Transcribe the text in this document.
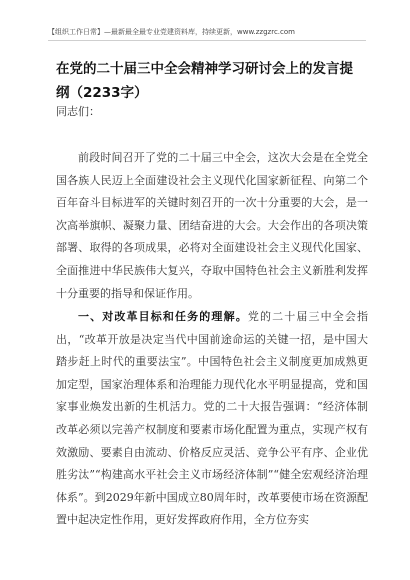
【组织工作日常】—最新最全最专业党建资料库，持续更新，www.zzgzrc.com
在党的二十届三中全会精神学习研讨会上的发言提纲（2233字）
同志们：

前段时间召开了党的二十届三中全会，这次大会是在全党全国各族人民迈上全面建设社会主义现代化国家新征程、向第二个百年奋斗目标进军的关键时刻召开的一次十分重要的大会，是一次高举旗帜、凝聚力量、团结奋进的大会。大会作出的各项决策部署、取得的各项成果，必将对全面建设社会主义现代化国家、全面推进中华民族伟大复兴，夺取中国特色社会主义新胜利发挥十分重要的指导和保证作用。

一、对改革目标和任务的理解。党的二十届三中全会指出，“改革开放是决定当代中国前途命运的关键一招，是中国大踏步赶上时代的重要法宝”。中国特色社会主义制度更加成熟更加定型，国家治理体系和治理能力现代化水平明显提高，党和国家事业焕发出新的生机活力。党的二十大报告强调：“经济体制改革必须以完善产权制度和要素市场化配置为重点，实现产权有效激励、要素自由流动、价格反应灵活、竞争公平有序、企业优胜劣汰”“构建高水平社会主义市场经济体制”“健全宏观经济治理体系”。到2029年新中国成立80周年时，改革要使市场在资源配置中起决定性作用，更好发挥政府作用，全方位夯实
